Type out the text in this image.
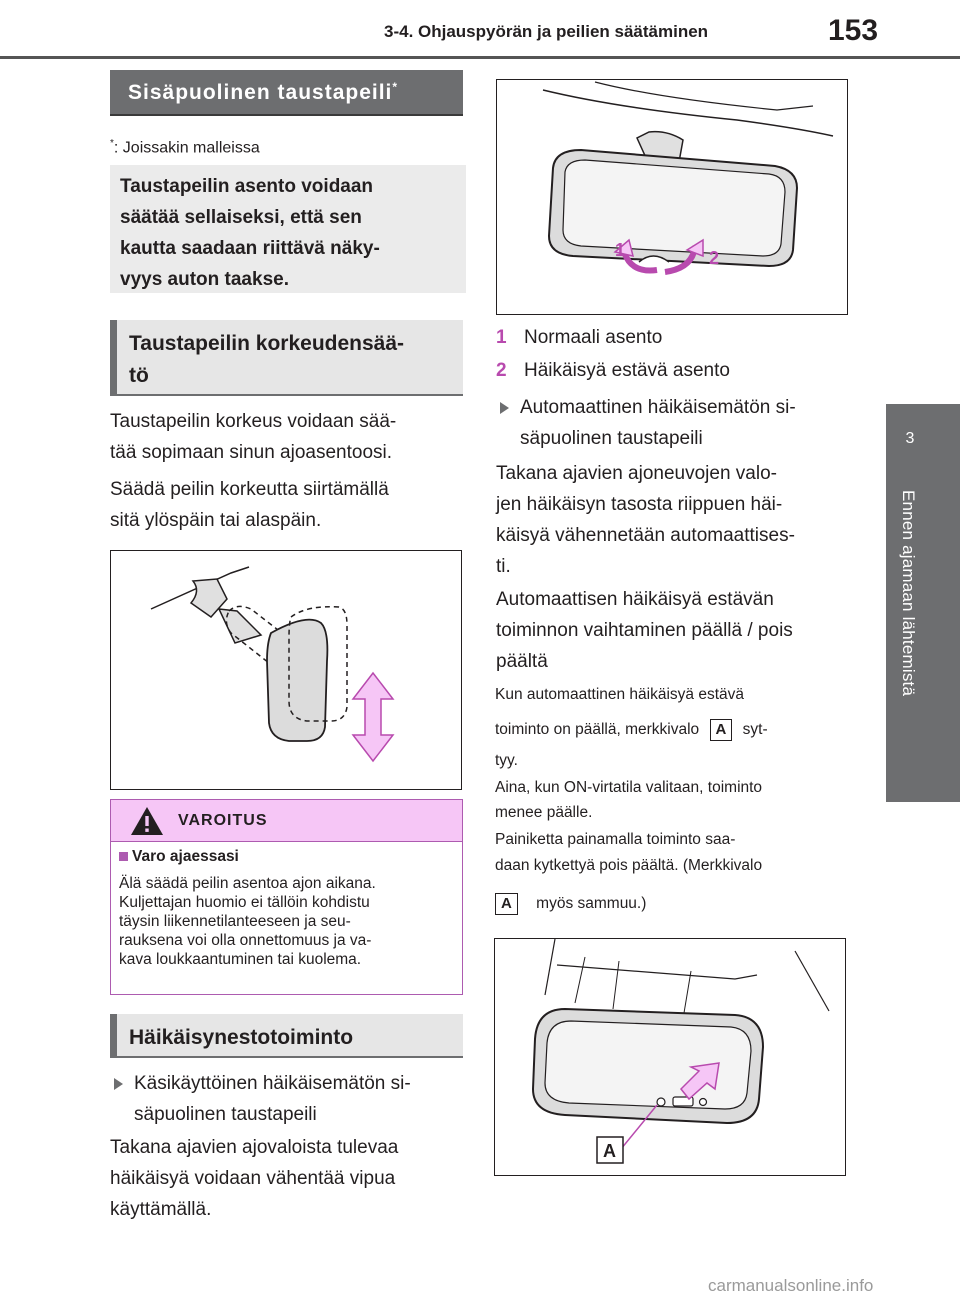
3-4. Ohjauspyörän ja peilien säätäminen	153
3
Ennen ajamaan lähtemistä
Sisäpuolinen taustapeili*
*: Joissakin malleissa
Taustapeilin asento voidaan
säätää sellaiseksi, että sen
kautta saadaan riittävä näky-
vyys auton taakse.
Taustapeilin korkeudensää-
tö
Taustapeilin korkeus voidaan sää-
tää sopimaan sinun ajoasentoosi.
Säädä peilin korkeutta siirtämällä
sitä ylöspäin tai alaspäin.
VAROITUS
Varo ajaessasi
Älä säädä peilin asentoa ajon aikana.
Kuljettajan huomio ei tällöin kohdistu
täysin liikennetilanteeseen ja seu-
rauksena voi olla onnettomuus ja va-
kava loukkaantuminen tai kuolema.
Häikäisynestotoiminto
Käsikäyttöinen häikäisemätön si-
säpuolinen taustapeili
Takana ajavien ajovaloista tulevaa
häikäisyä voidaan vähentää vipua
käyttämällä.
1	2
1 Normaali asento
2 Häikäisyä estävä asento
Automaattinen häikäisemätön si-
säpuolinen taustapeili
Takana ajavien ajoneuvojen valo-
jen häikäisyn tasosta riippuen häi-
käisyä vähennetään automaattises-
ti.
Automaattisen häikäisyä estävän
toiminnon vaihtaminen päällä / pois
päältä
Kun automaattinen häikäisyä estävä
toiminto on päällä, merkkivalo A syt-
tyy.
Aina, kun ON-virtatila valitaan, toiminto
menee päälle.
Painiketta painamalla toiminto saa-
daan kytkettyä pois päältä. (Merkkivalo
A myös sammuu.)
A
carmanualsonline.info
